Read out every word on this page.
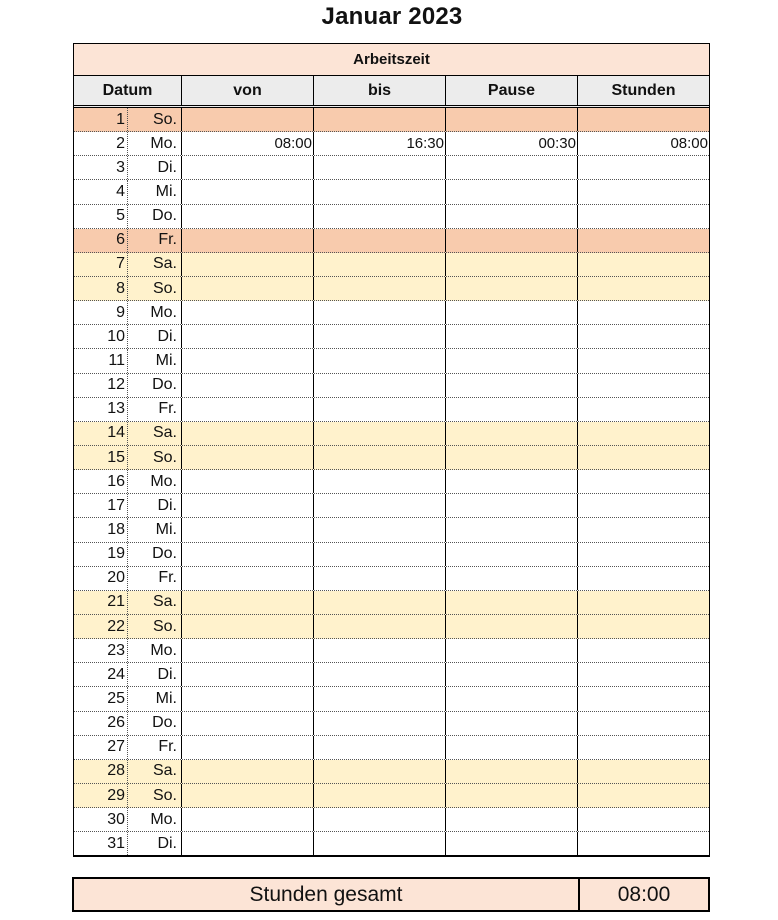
Januar 2023
Arbeitszeit
Datum	von	bis	Pause	Stunden
1	So.
2	Mo.	08:00	16:30	00:30	08:00
3	Di.
4	Mi.
5	Do.
6	Fr.
7	Sa.
8	So.
9	Mo.
10	Di.
11	Mi.
12	Do.
13	Fr.
14	Sa.
15	So.
16	Mo.
17	Di.
18	Mi.
19	Do.
20	Fr.
21	Sa.
22	So.
23	Mo.
24	Di.
25	Mi.
26	Do.
27	Fr.
28	Sa.
29	So.
30	Mo.
31	Di.
Stunden gesamt	08:00
